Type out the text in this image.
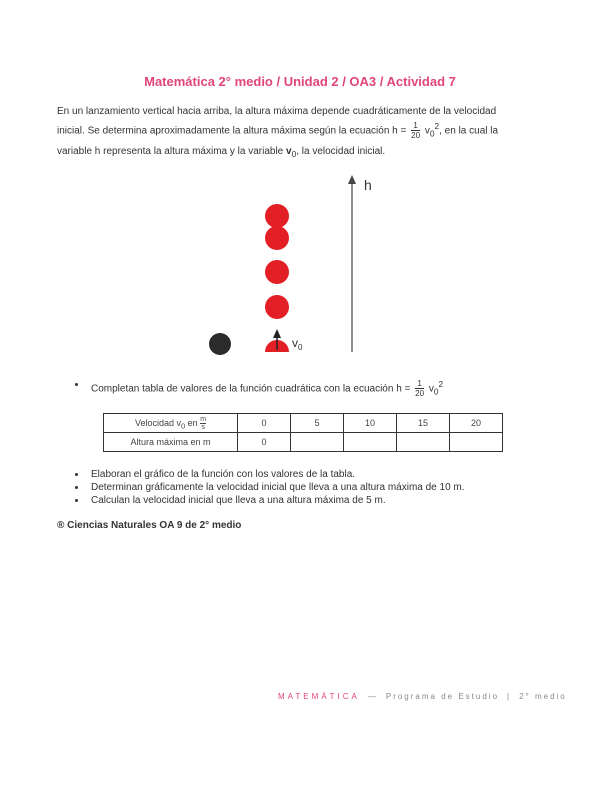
Matemática 2° medio / Unidad 2 / OA3 / Actividad 7

En un lanzamiento vertical hacia arriba, la altura máxima depende cuadráticamente de la velocidad inicial. Se determina aproximadamente la altura máxima según la ecuación $h = \frac{1}{20} v_0^2$, en la cual la

variable h representa la altura máxima y la variable $v_0$, la velocidad inicial.

h
$v_0$
Completan tabla de valores de la función cuadrática con la ecuación $h = \frac{1}{20} v_0^2$
Velocidad $v_0$ en $\frac{m}{s}$	0	5	10	15	20
Altura máxima en m	0				
Elaboran el gráfico de la función con los valores de la tabla.
Determinan gráficamente la velocidad inicial que lleva a una altura máxima de 10 m.
Calculan la velocidad inicial que lleva a una altura máxima de 5 m.
® Ciencias Naturales OA 9 de 2° medio
MATEMÁTICA — Programa de Estudio | 2° medio
